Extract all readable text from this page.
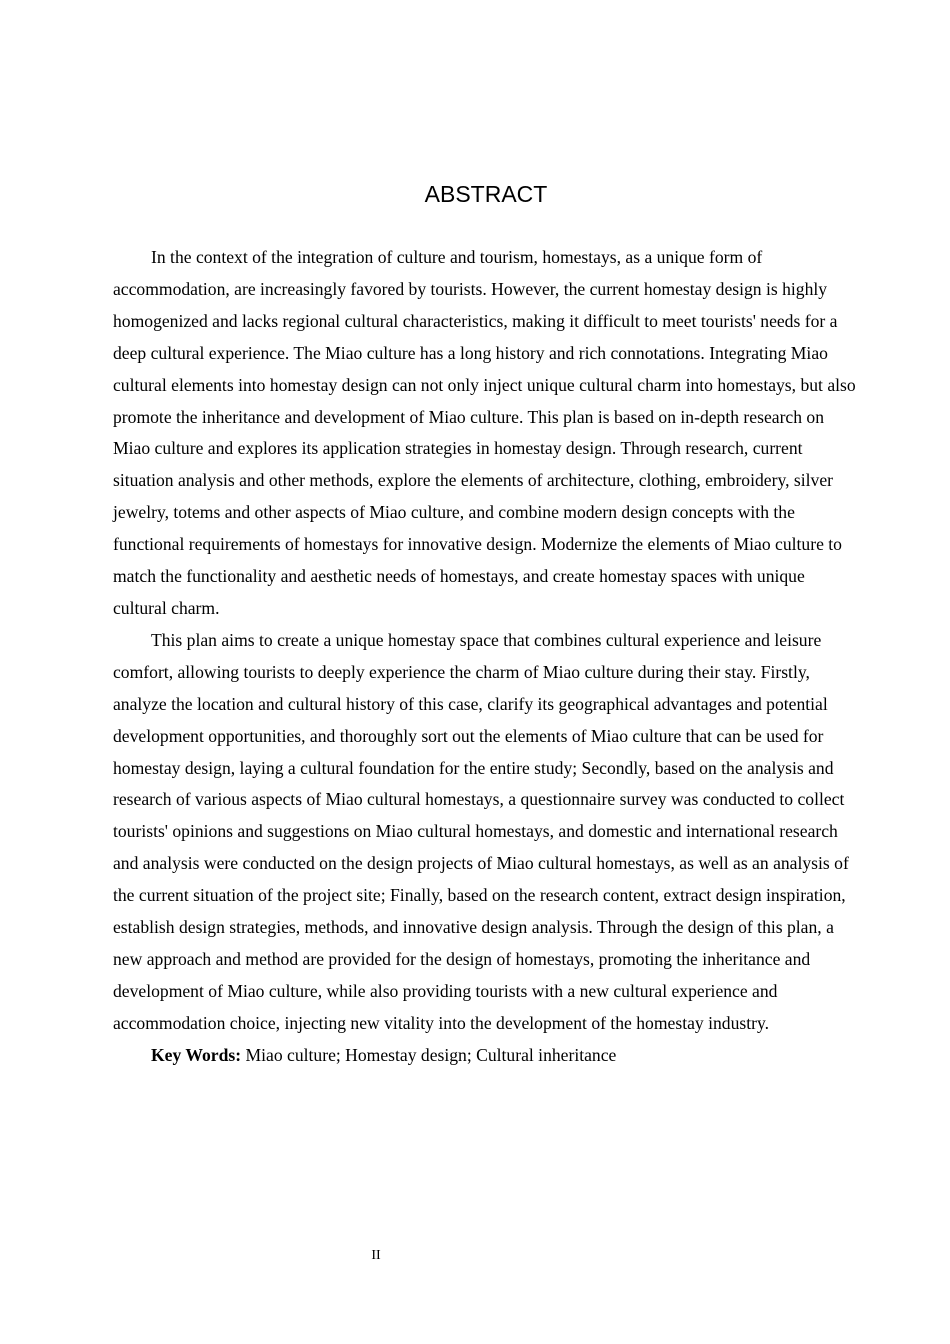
ABSTRACT

In the context of the integration of culture and tourism, homestays, as a unique form of accommodation, are increasingly favored by tourists. However, the current homestay design is highly homogenized and lacks regional cultural characteristics, making it difficult to meet tourists' needs for a deep cultural experience. The Miao culture has a long history and rich connotations. Integrating Miao cultural elements into homestay design can not only inject unique cultural charm into homestays, but also promote the inheritance and development of Miao culture. This plan is based on in-depth research on Miao culture and explores its application strategies in homestay design. Through research, current situation analysis and other methods, explore the elements of architecture, clothing, embroidery, silver jewelry, totems and other aspects of Miao culture, and combine modern design concepts with the functional requirements of homestays for innovative design. Modernize the elements of Miao culture to match the functionality and aesthetic needs of homestays, and create homestay spaces with unique cultural charm.

This plan aims to create a unique homestay space that combines cultural experience and leisure comfort, allowing tourists to deeply experience the charm of Miao culture during their stay. Firstly, analyze the location and cultural history of this case, clarify its geographical advantages and potential development opportunities, and thoroughly sort out the elements of Miao culture that can be used for homestay design, laying a cultural foundation for the entire study; Secondly, based on the analysis and research of various aspects of Miao cultural homestays, a questionnaire survey was conducted to collect tourists' opinions and suggestions on Miao cultural homestays, and domestic and international research and analysis were conducted on the design projects of Miao cultural homestays, as well as an analysis of the current situation of the project site; Finally, based on the research content, extract design inspiration, establish design strategies, methods, and innovative design analysis. Through the design of this plan, a new approach and method are provided for the design of homestays, promoting the inheritance and development of Miao culture, while also providing tourists with a new cultural experience and accommodation choice, injecting new vitality into the development of the homestay industry.

Key Words: Miao culture; Homestay design; Cultural inheritance

II
